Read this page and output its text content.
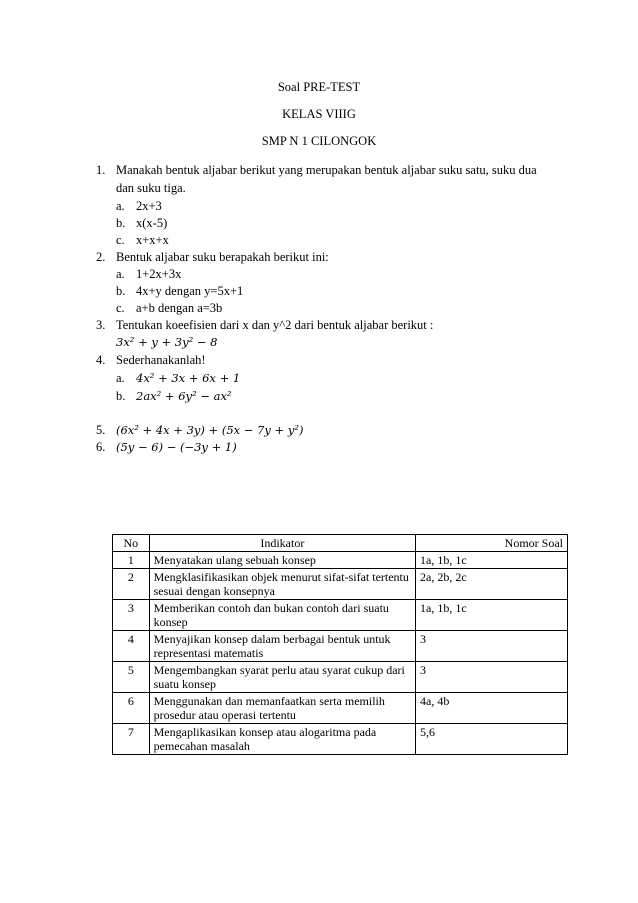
Soal PRE-TEST
KELAS VIIIG
SMP N 1 CILONGOK
1. Manakah bentuk aljabar berikut yang merupakan bentuk aljabar suku satu, suku dua
dan suku tiga.
a. 2x+3
b. x(x-5)
c. x+x+x
2. Bentuk aljabar suku berapakah berikut ini:
a. 1+2x+3x
b. 4x+y dengan y=5x+1
c. a+b dengan a=3b
3. Tentukan koeefisien dari x dan y^2 dari bentuk aljabar berikut :
3x² + y + 3y² − 8
4. Sederhanakanlah!
a. 4x² + 3x + 6x + 1
b. 2ax² + 6y² − ax²
5. (6x² + 4x + 3y) + (5x − 7y + y²)
6. (5y − 6) − (−3y + 1)
No	Indikator	Nomor Soal
1	Menyatakan ulang sebuah konsep	1a, 1b, 1c
2	Mengklasifikasikan objek menurut sifat-sifat tertentu sesuai dengan konsepnya	2a, 2b, 2c
3	Memberikan contoh dan bukan contoh dari suatu konsep	1a, 1b, 1c
4	Menyajikan konsep dalam berbagai bentuk untuk representasi matematis	3
5	Mengembangkan syarat perlu atau syarat cukup dari suatu konsep	3
6	Menggunakan dan memanfaatkan serta memilih prosedur atau operasi tertentu	4a, 4b
7	Mengaplikasikan konsep atau alogaritma pada pemecahan masalah	5,6
